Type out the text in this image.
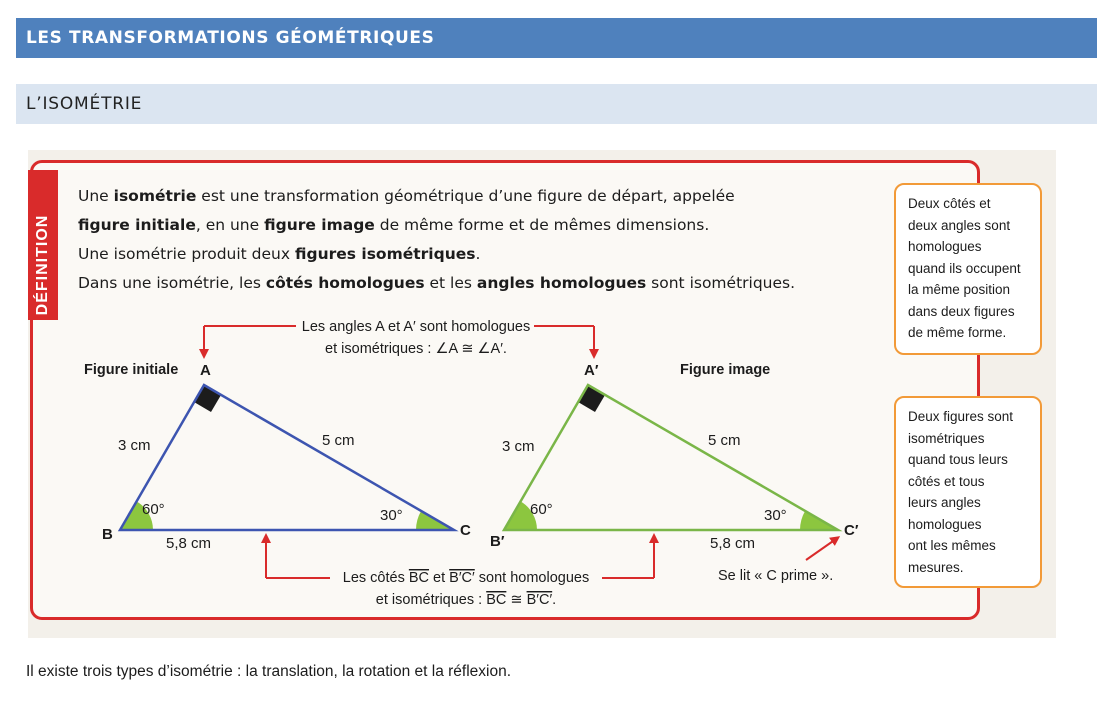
LES TRANSFORMATIONS GÉOMÉTRIQUES
L’ISOMÉTRIE
DÉFINITION

Une isométrie est une transformation géométrique d’une figure de départ, appelée

figure initiale, en une figure image de même forme et de mêmes dimensions.

Une isométrie produit deux figures isométriques.

Dans une isométrie, les côtés homologues et les angles homologues sont isométriques.

Deux côtés et
deux angles sont
homologues
quand ils occupent
la même position
dans deux figures
de même forme.
Deux figures sont
isométriques
quand tous leurs
côtés et tous
leurs angles
homologues
ont les mêmes
mesures.
Les angles A et A′ sont homologues
et isométriques : ∠A ≅ ∠A′.
Figure initiale	Figure image
A
B	C
3 cm	5 cm
5,8 cm
60°	30°
A′
B′
C′
3 cm	5 cm
5,8 cm
60°	30°
Les côtés BC et B′C′ sont homologues
et isométriques : BC ≅ B′C′.
Se lit « C prime ».
Il existe trois types d’isométrie : la translation, la rotation et la réflexion.
